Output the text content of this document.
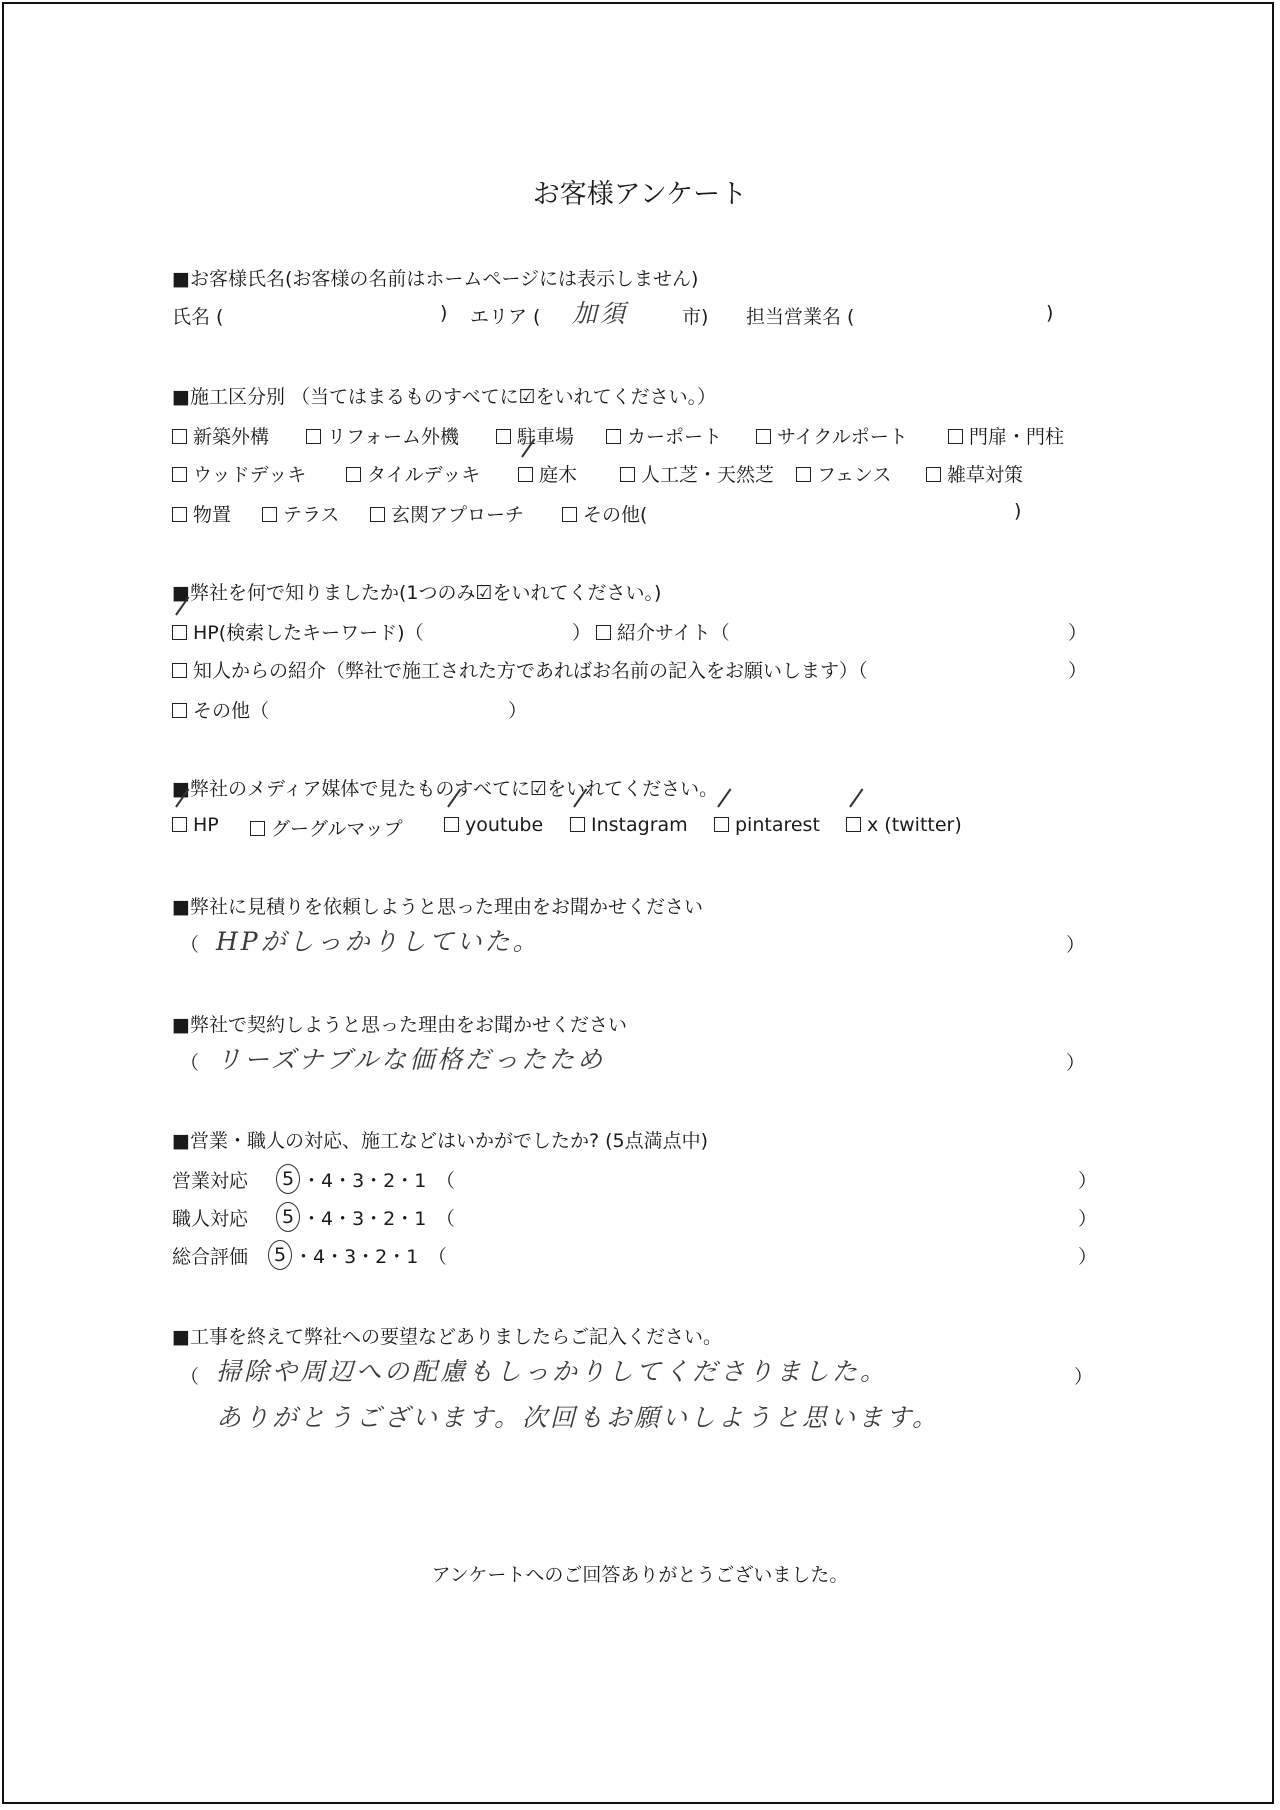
お客様アンケート
■お客様氏名(お客様の名前はホームページには表示しません)
氏名 (	) エリア ( 加須	市) 担当営業名 (	)
■施工区分別 （当てはまるものすべてに☑をいれてください。）
新築外構	リフォーム外機	駐車場	カーポート	サイクルポート	門扉・門柱
ウッドデッキ	タイルデッキ	庭木	人工芝・天然芝	フェンス	雑草対策
物置	テラス	玄関アプローチ	その他(	)
■弊社を何で知りましたか(1つのみ☑をいれてください。)
HP(検索したキーワード)（	）	紹介サイト（	）
知人からの紹介（弊社で施工された方であればお名前の記入をお願いします）（	）
その他（	）
■弊社のメディア媒体で見たものすべてに☑をいれてください。
HP	グーグルマップ	youtube	Instagram	pintarest	x (twitter)
■弊社に見積りを依頼しようと思った理由をお聞かせください
（ HPがしっかりしていた。	）
■弊社で契約しようと思った理由をお聞かせください
（ リーズナブルな価格だったため	）
■営業・職人の対応、施工などはいかがでしたか? (5点満点中)
営業対応	5 ・4・3・2・1　（	）
職人対応	5 ・4・3・2・1　（	）
総合評価	5 ・4・3・2・1　（	）
■工事を終えて弊社への要望などありましたらご記入ください。
（ 掃除や周辺への配慮もしっかりしてくださりました。	）
ありがとうございます。次回もお願いしようと思います。
アンケートへのご回答ありがとうございました。
